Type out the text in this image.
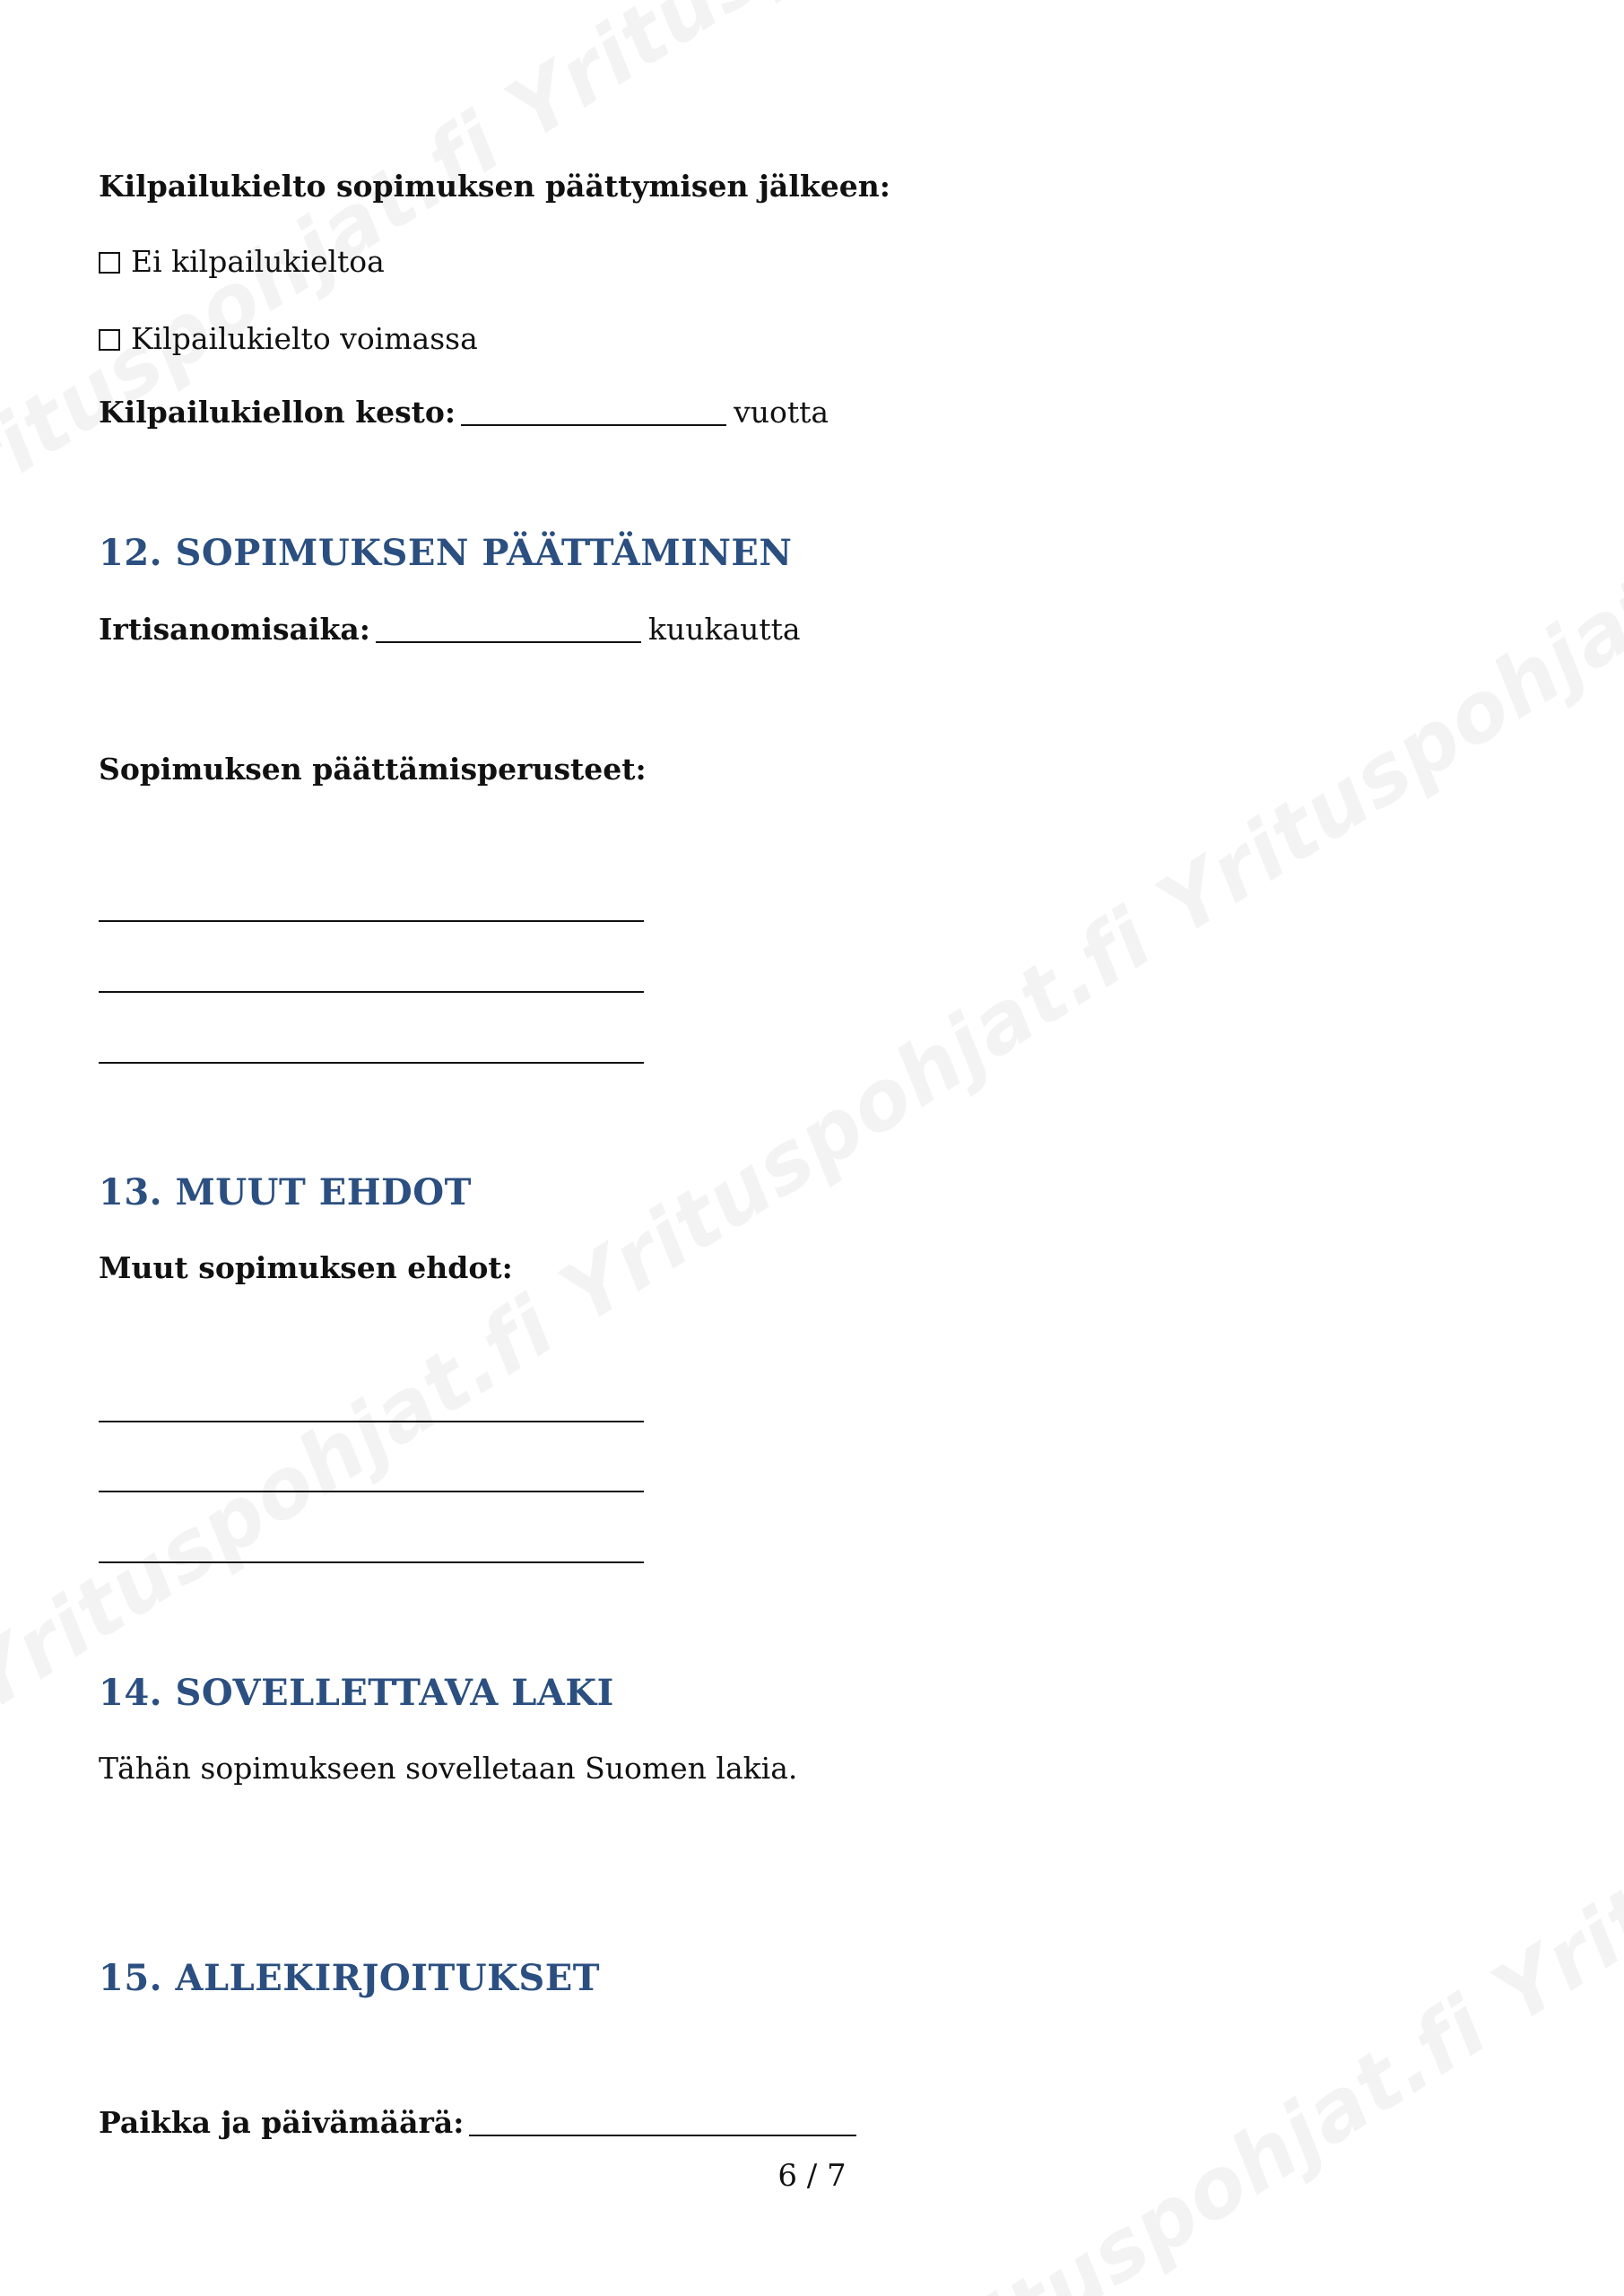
Kilpailukielto sopimuksen päättymisen jälkeen:
Ei kilpailukieltoa
Kilpailukielto voimassa
Kilpailukiellon kesto:	vuotta
12. SOPIMUKSEN PÄÄTTÄMINEN
Irtisanomisaika:	kuukautta
Sopimuksen päättämisperusteet:
13. MUUT EHDOT
Muut sopimuksen ehdot:
14. SOVELLETTAVA LAKI
Tähän sopimukseen sovelletaan Suomen lakia.
15. ALLEKIRJOITUKSET
Paikka ja päivämäärä:
6 / 7
